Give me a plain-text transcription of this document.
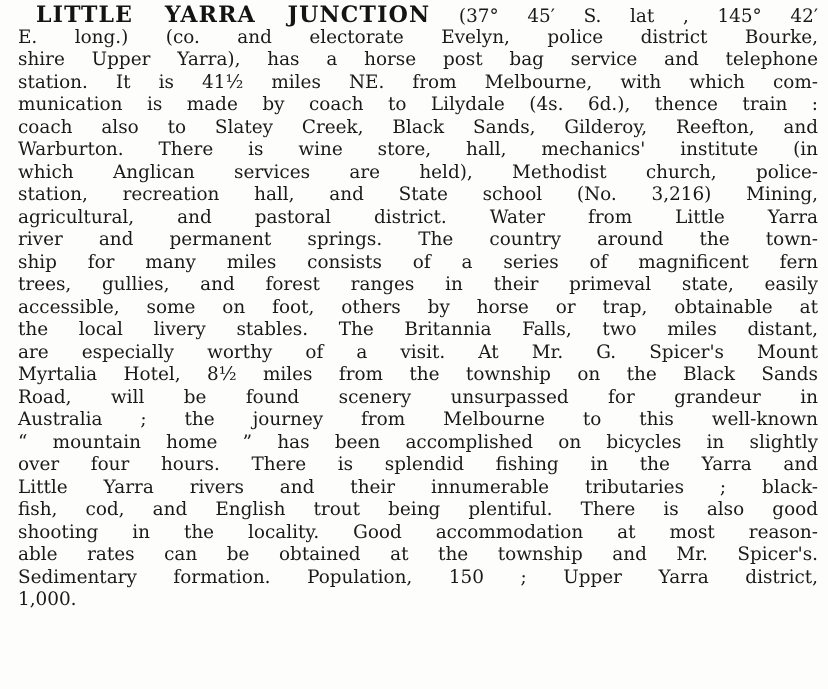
LITTLE YARRA JUNCTION (37° 45′ S. lat , 145° 42′
E. long.) (co. and electorate Evelyn, police district Bourke,
shire Upper Yarra), has a horse post bag service and telephone
station. It is 41½ miles NE. from Melbourne, with which com-
munication is made by coach to Lilydale (4s. 6d.), thence train :
coach also to Slatey Creek, Black Sands, Gilderoy, Reefton, and
Warburton. There is wine store, hall, mechanics' institute (in
which Anglican services are held), Methodist church, police-
station, recreation hall, and State school (No. 3,216) Mining,
agricultural, and pastoral district. Water from Little Yarra
river and permanent springs. The country around the town-
ship for many miles consists of a series of magnificent fern
trees, gullies, and forest ranges in their primeval state, easily
accessible, some on foot, others by horse or trap, obtainable at
the local livery stables. The Britannia Falls, two miles distant,
are especially worthy of a visit. At Mr. G. Spicer's Mount
Myrtalia Hotel, 8½ miles from the township on the Black Sands
Road, will be found scenery unsurpassed for grandeur in
Australia ; the journey from Melbourne to this well-known
“ mountain home ” has been accomplished on bicycles in slightly
over four hours. There is splendid fishing in the Yarra and
Little Yarra rivers and their innumerable tributaries ; black-
fish, cod, and English trout being plentiful. There is also good
shooting in the locality. Good accommodation at most reason-
able rates can be obtained at the township and Mr. Spicer's.
Sedimentary formation. Population, 150 ; Upper Yarra district,
1,000.
